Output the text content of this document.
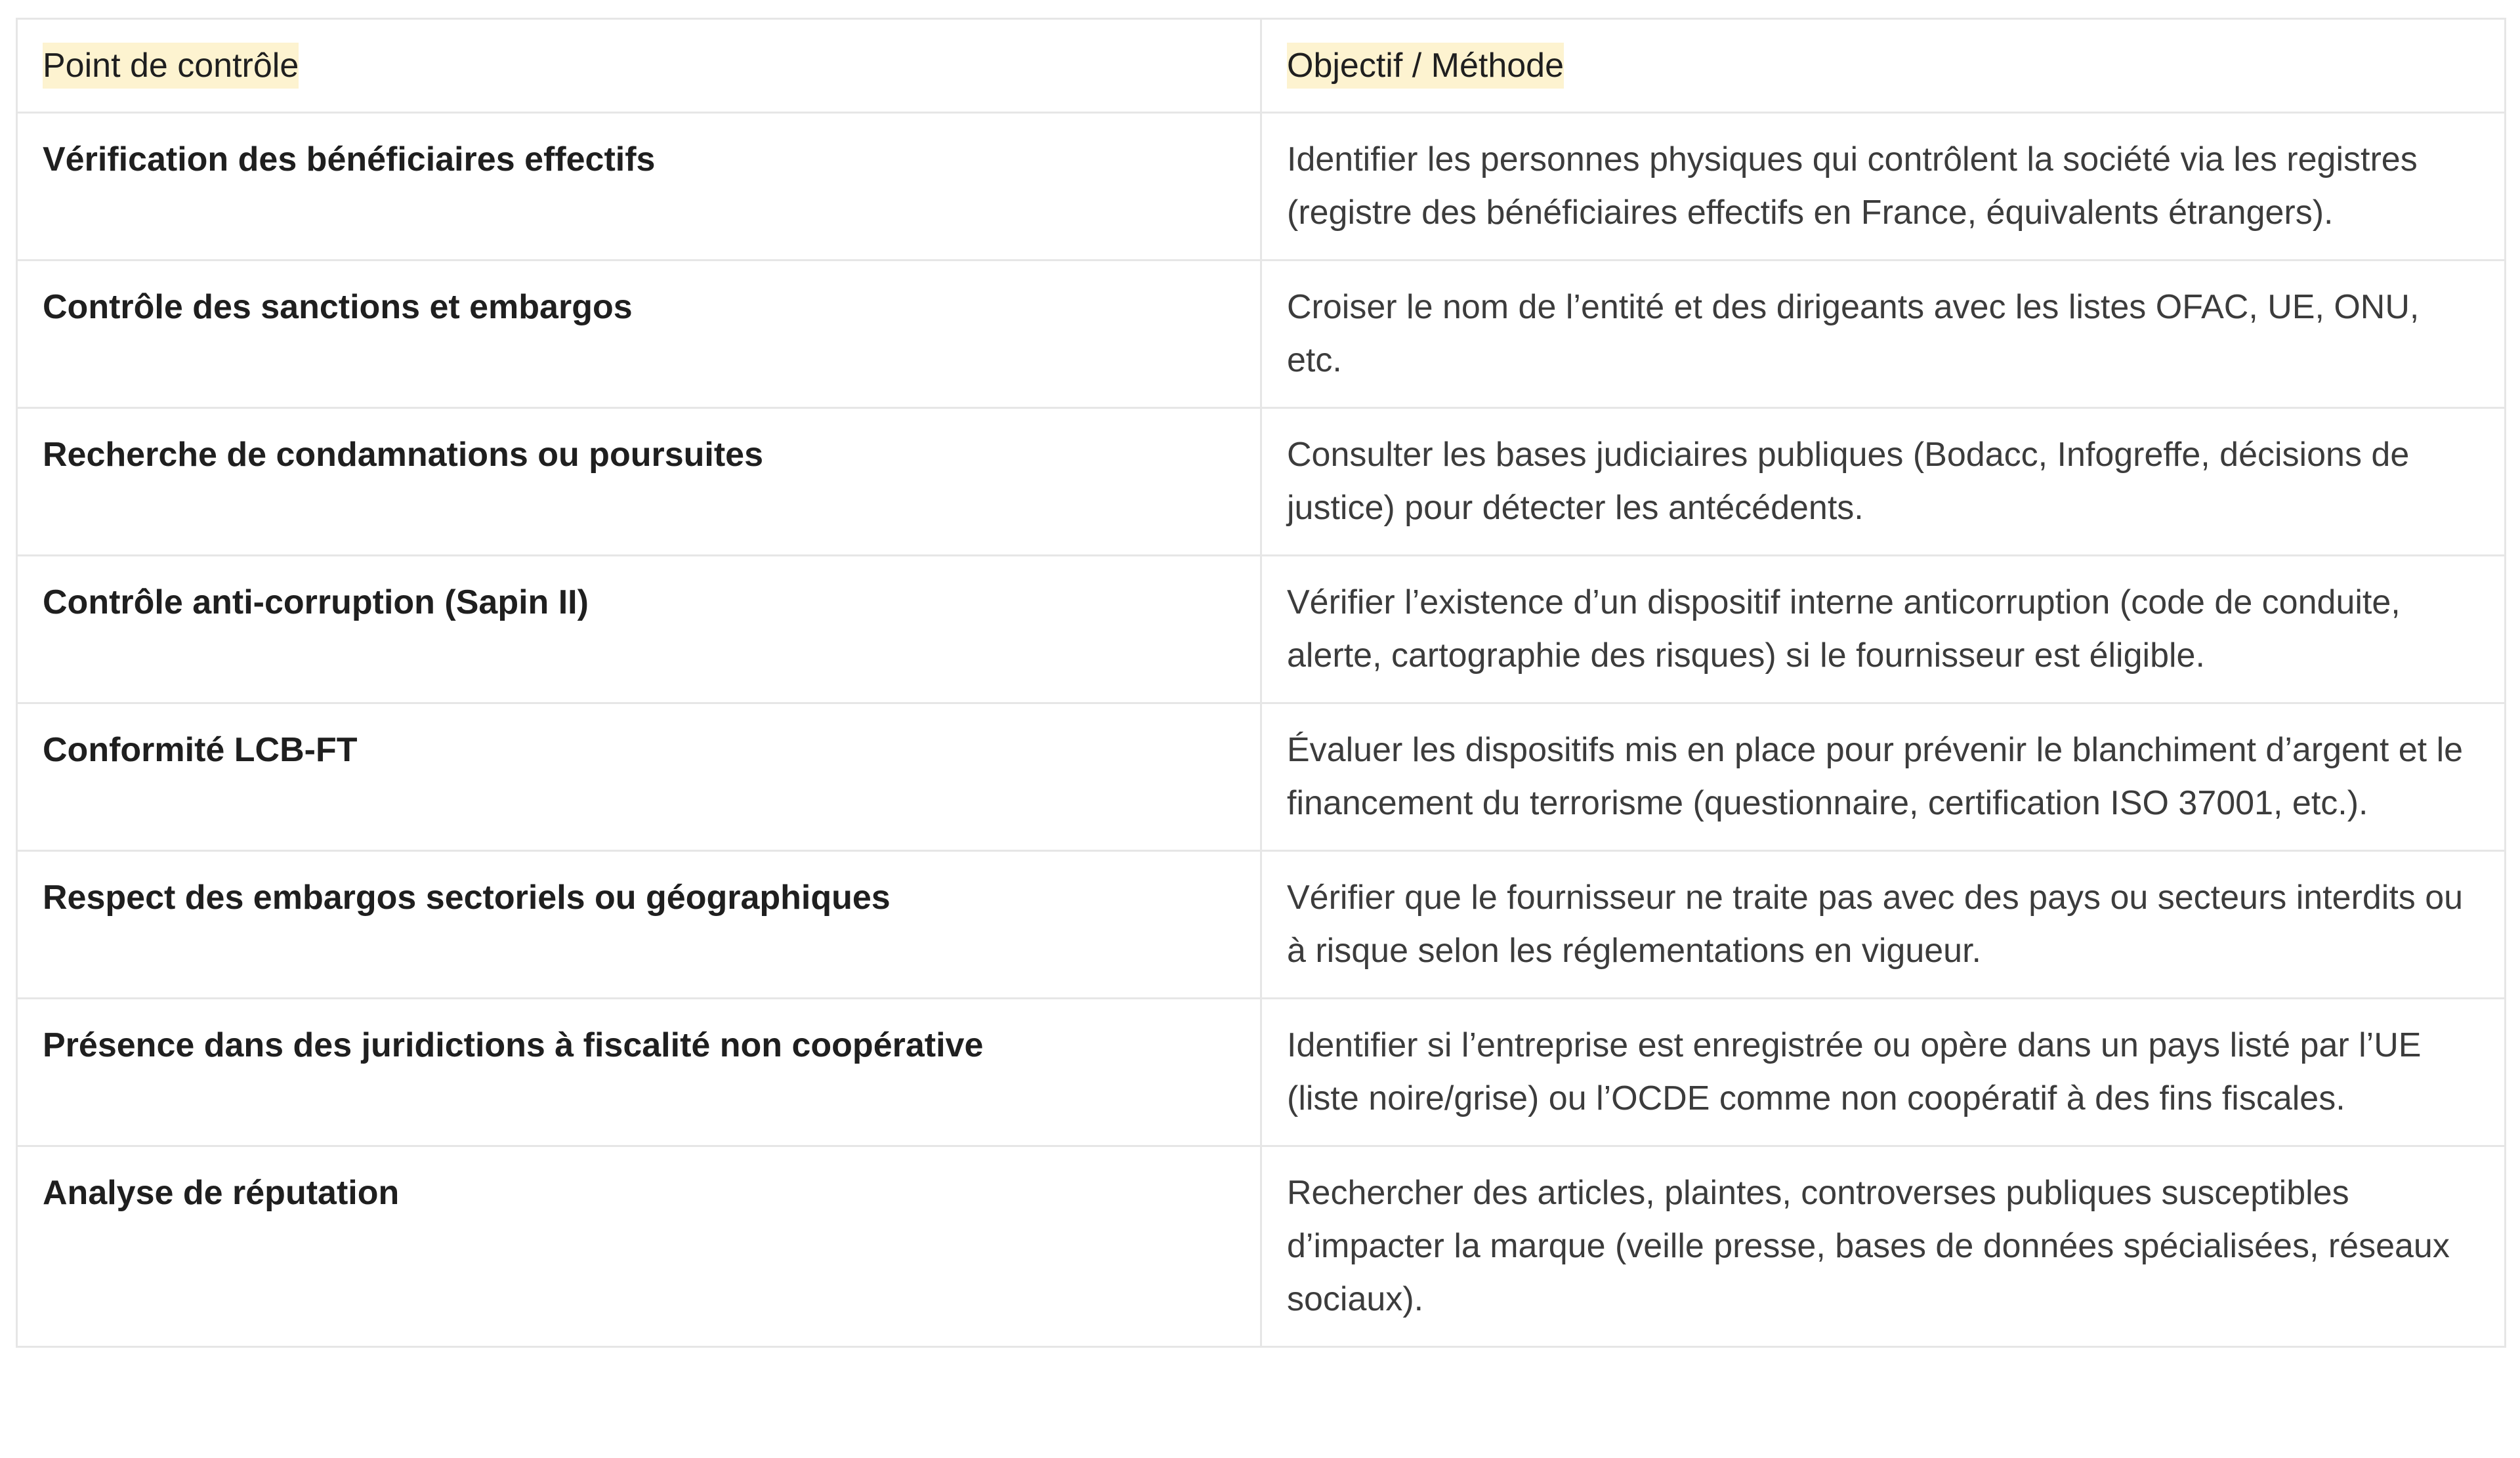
Point de contrôle	Objectif / Méthode
Vérification des bénéficiaires effectifs	Identifier les personnes physiques qui contrôlent la société via les registres (registre des bénéficiaires effectifs en France, équivalents étrangers).
Contrôle des sanctions et embargos	Croiser le nom de l’entité et des dirigeants avec les listes OFAC, UE, ONU, etc.
Recherche de condamnations ou poursuites	Consulter les bases judiciaires publiques (Bodacc, Infogreffe, décisions de justice) pour détecter les antécédents.
Contrôle anti-corruption (Sapin II)	Vérifier l’existence d’un dispositif interne anticorruption (code de conduite, alerte, cartographie des risques) si le fournisseur est éligible.
Conformité LCB-FT	Évaluer les dispositifs mis en place pour prévenir le blanchiment d’argent et le financement du terrorisme (questionnaire, certification ISO 37001, etc.).
Respect des embargos sectoriels ou géographiques	Vérifier que le fournisseur ne traite pas avec des pays ou secteurs interdits ou à risque selon les réglementations en vigueur.
Présence dans des juridictions à fiscalité non coopérative	Identifier si l’entreprise est enregistrée ou opère dans un pays listé par l’UE (liste noire/grise) ou l’OCDE comme non coopératif à des fins fiscales.
Analyse de réputation	Rechercher des articles, plaintes, controverses publiques susceptibles d’impacter la marque (veille presse, bases de données spécialisées, réseaux sociaux).
